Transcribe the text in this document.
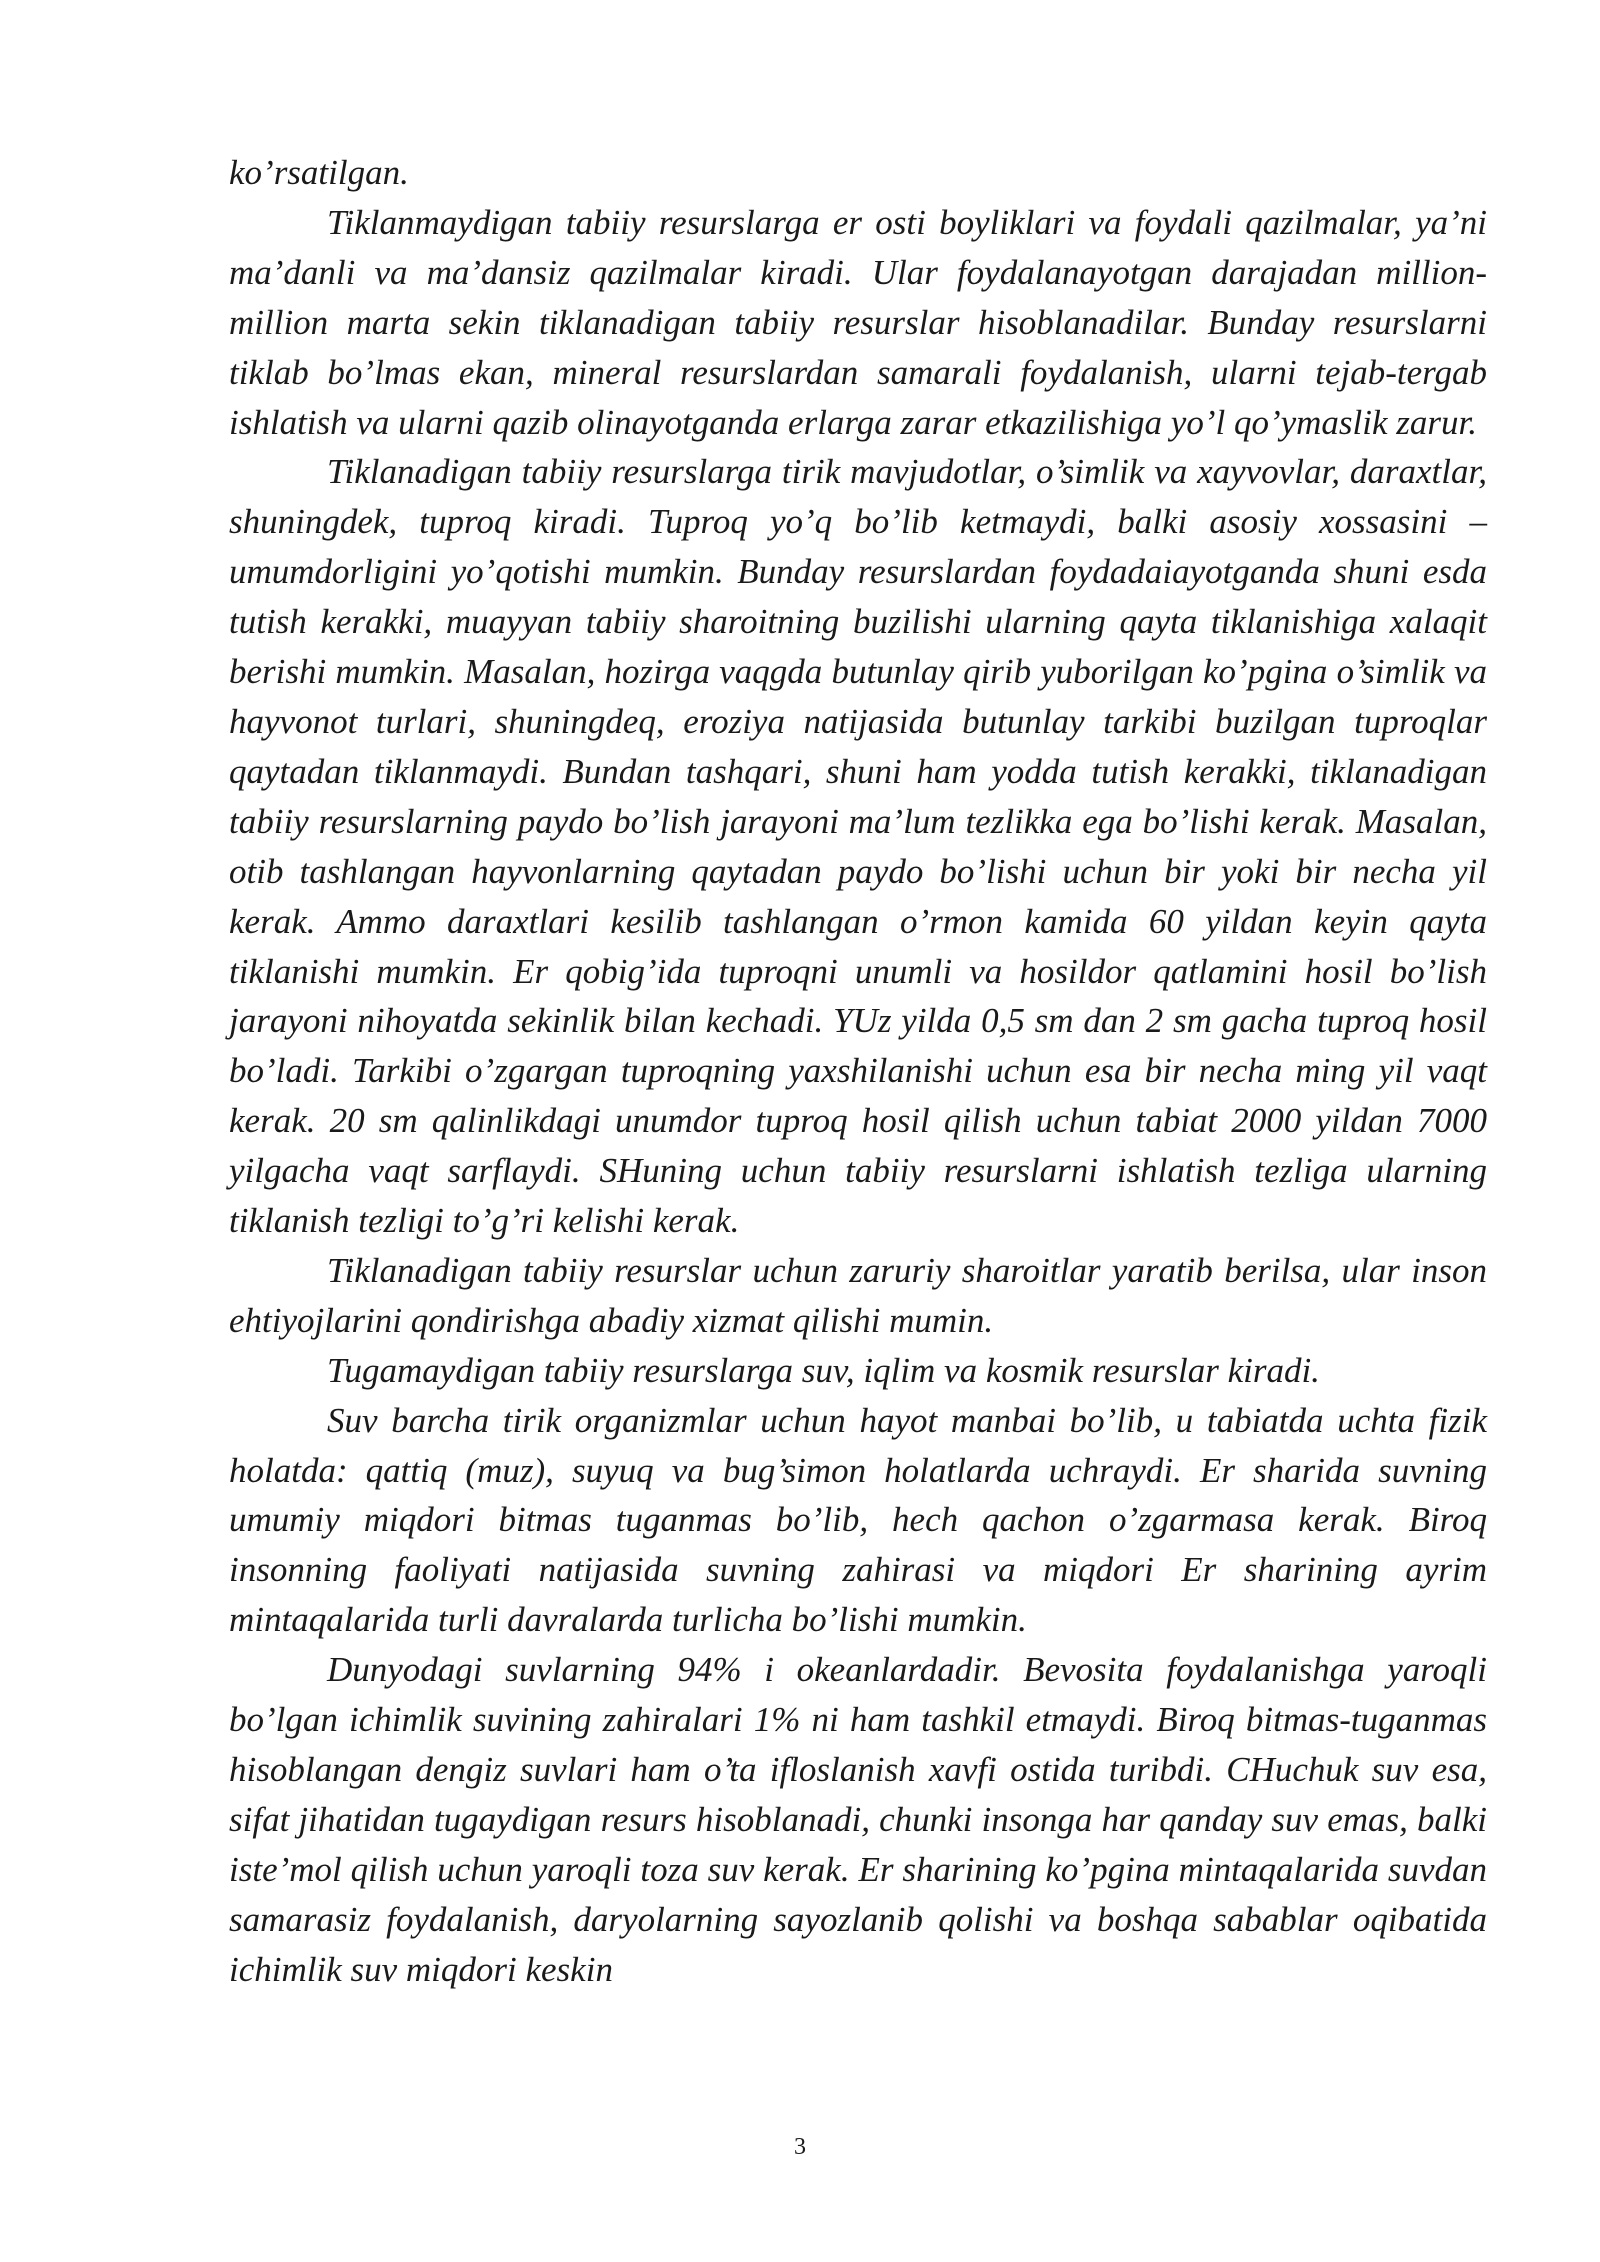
ko’rsatilgan.

Tiklanmaydigan tabiiy resurslarga er osti boyliklari va foydali qazilmalar, ya’ni ma’danli va ma’dansiz qazilmalar kiradi. Ular foydalanayotgan darajadan million-million marta sekin tiklanadigan tabiiy resurslar hisoblanadilar. Bunday resurslarni tiklab bo’lmas ekan, mineral resurslardan samarali foydalanish, ularni tejab-tergab ishlatish va ularni qazib olinayotganda erlarga zarar etkazilishiga yo’l qo’ymaslik zarur.

Tiklanadigan tabiiy resurslarga tirik mavjudotlar, o’simlik va xayvovlar, daraxtlar, shuningdek, tuproq kiradi. Tuproq yo’q bo’lib ketmaydi, balki asosiy xossasini – umumdorligini yo’qotishi mumkin. Bunday resurslardan foydadaiayotganda shuni esda tutish kerakki, muayyan tabiiy sharoitning buzilishi ularning qayta tiklanishiga xalaqit berishi mumkin. Masalan, hozirga vaqgda butunlay qirib yuborilgan ko’pgina o’simlik va hayvonot turlari, shuningdeq, eroziya natijasida butunlay tarkibi buzilgan tuproqlar qaytadan tiklanmaydi. Bundan tashqari, shuni ham yodda tutish kerakki, tiklanadigan tabiiy resurslarning paydo bo’lish jarayoni ma’lum tezlikka ega bo’lishi kerak. Masalan, otib tashlangan hayvonlarning qaytadan paydo bo’lishi uchun bir yoki bir necha yil kerak. Ammo daraxtlari kesilib tashlangan o’rmon kamida 60 yildan keyin qayta tiklanishi mumkin. Er qobig’ida tuproqni unumli va hosildor qatlamini hosil bo’lish jarayoni nihoyatda sekinlik bilan kechadi. YUz yilda 0,5 sm dan 2 sm gacha tuproq hosil bo’ladi. Tarkibi o’zgargan tuproqning yaxshilanishi uchun esa bir necha ming yil vaqt kerak. 20 sm qalinlikdagi unumdor tuproq hosil qilish uchun tabiat 2000 yildan 7000 yilgacha vaqt sarflaydi. SHuning uchun tabiiy resurslarni ishlatish tezliga ularning tiklanish tezligi to’g’ri kelishi kerak.

Tiklanadigan tabiiy resurslar uchun zaruriy sharoitlar yaratib berilsa, ular inson ehtiyojlarini qondirishga abadiy xizmat qilishi mumin.

Tugamaydigan tabiiy resurslarga suv, iqlim va kosmik resurslar kiradi.

Suv barcha tirik organizmlar uchun hayot manbai bo’lib, u tabiatda uchta fizik holatda: qattiq (muz), suyuq va bug’simon holatlarda uchraydi. Er sharida suvning umumiy miqdori bitmas tuganmas bo’lib, hech qachon o’zgarmasa kerak. Biroq insonning faoliyati natijasida suvning zahirasi va miqdori Er sharining ayrim mintaqalarida turli davralarda turlicha bo’lishi mumkin.

Dunyodagi suvlarning 94% i okeanlardadir. Bevosita foydalanishga yaroqli bo’lgan ichimlik suvining zahiralari 1% ni ham tashkil etmaydi. Biroq bitmas-tuganmas hisoblangan dengiz suvlari ham o’ta ifloslanish xavfi ostida turibdi. CHuchuk suv esa, sifat jihatidan tugaydigan resurs hisoblanadi, chunki insonga har qanday suv emas, balki iste’mol qilish uchun yaroqli toza suv kerak. Er sharining ko’pgina mintaqalarida suvdan samarasiz foydalanish, daryolarning sayozlanib qolishi va boshqa sabablar oqibatida ichimlik suv miqdori keskin

3
